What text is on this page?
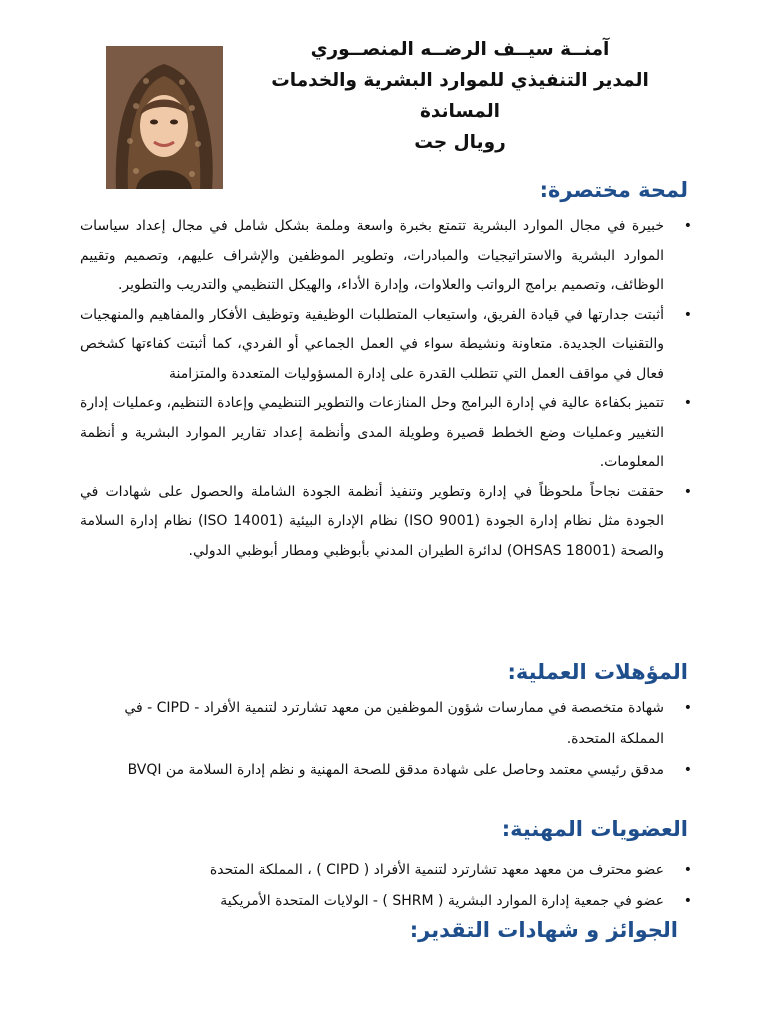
آمنــة سيــف الرضــه المنصــوري
المدير التنفيذي للموارد البشرية والخدمات
المساندة
رويال جت
لمحة مختصرة:
•
خبيرة في مجال الموارد البشرية تتمتع بخبرة واسعة وملمة بشكل شامل في مجال إعداد سياسات الموارد البشرية والاستراتيجيات والمبادرات، وتطوير الموظفين والإشراف عليهم، وتصميم وتقييم الوظائف، وتصميم برامج الرواتب والعلاوات، وإدارة الأداء، والهيكل التنظيمي والتدريب والتطوير.
•
أثبتت جدارتها في قيادة الفريق، واستيعاب المتطلبات الوظيفية وتوظيف الأفكار والمفاهيم والمنهجيات والتقنيات الجديدة. متعاونة ونشيطة سواء في العمل الجماعي أو الفردي، كما أثبتت كفاءتها كشخص فعال في مواقف العمل التي تتطلب القدرة على إدارة المسؤوليات المتعددة والمتزامنة
•
تتميز بكفاءة عالية في إدارة البرامج وحل المنازعات والتطوير التنظيمي وإعادة التنظيم، وعمليات إدارة التغيير وعمليات وضع الخطط قصيرة وطويلة المدى وأنظمة إعداد تقارير الموارد البشرية و أنظمة المعلومات.
•
حققت نجاحاً ملحوظاً في إدارة وتطوير وتنفيذ أنظمة الجودة الشاملة والحصول على شهادات في الجودة مثل نظام إدارة الجودة (ISO 9001) نظام الإدارة البيئية (ISO 14001) نظام إدارة السلامة والصحة (OHSAS 18001) لدائرة الطيران المدني بأبوظبي ومطار أبوظبي الدولي.
المؤهلات العملية:
•
شهادة متخصصة في ممارسات شؤون الموظفين من معهد تشارترد لتنمية الأفراد - CIPD - في المملكة المتحدة.
•
مدقق رئيسي معتمد وحاصل على شهادة مدقق للصحة المهنية و نظم إدارة السلامة من BVQI
العضويات المهنية:
•
عضو محترف من معهد معهد تشارترد لتنمية الأفراد ( CIPD ) ، المملكة المتحدة
•
عضو في جمعية إدارة الموارد البشرية ( SHRM ) - الولايات المتحدة الأمريكية
الجوائز و شهادات التقدير:
